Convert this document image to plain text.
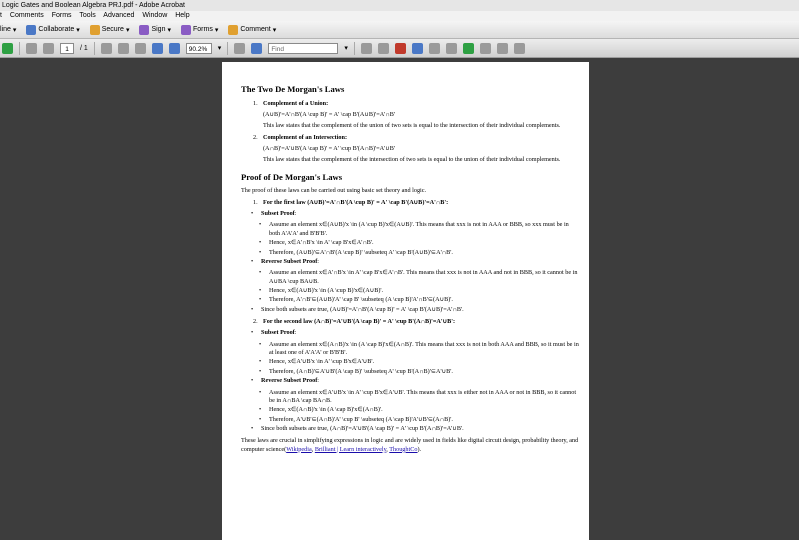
Logic Gates and Boolean Algebra PRJ.pdf - Adobe Acrobat
t Comments Forms Tools Advanced Window Help
line ▾	Collaborate ▾	Secure ▾	Sign ▾	Forms ▾	Comment ▾
1	/ 1	90.2%	▾	Find	▾
The Two De Morgan's Laws
1. Complement of a Union:
(A∪B)'=A'∩B'(A \cup B)' = A' \cap B'(A∪B)'=A'∩B'
This law states that the complement of the union of two sets is equal to the intersection of their individual complements.
2. Complement of an Intersection:
(A∩B)'=A'∪B'(A \cap B)' = A' \cup B'(A∩B)'=A'∪B'
This law states that the complement of the intersection of two sets is equal to the union of their individual complements.
Proof of De Morgan's Laws

The proof of these laws can be carried out using basic set theory and logic.

1. For the first law (A∪B)'=A'∩B'(A \cup B)' = A' \cap B'(A∪B)'=A'∩B':
• Subset Proof:
• Assume an element x∈(A∪B)'x \in (A \cup B)'x∈(A∪B)'. This means that xxx is not in AAA or BBB, so xxx must be in both A'A'A' and B'B'B'.
• Hence, x∈A'∩B'x \in A' \cap B'x∈A'∩B'.
• Therefore, (A∪B)'⊆A'∩B'(A \cup B)' \subseteq A' \cap B'(A∪B)'⊆A'∩B'.
• Reverse Subset Proof:
• Assume an element x∈A'∩B'x \in A' \cap B'x∈A'∩B'. This means that xxx is not in AAA and not in BBB, so it cannot be in A∪BA \cup BA∪B.
• Hence, x∈(A∪B)'x \in (A \cup B)'x∈(A∪B)'.
• Therefore, A'∩B'⊆(A∪B)'A' \cap B' \subseteq (A \cup B)'A'∩B'⊆(A∪B)'.
• Since both subsets are true, (A∪B)'=A'∩B'(A \cup B)' = A' \cap B'(A∪B)'=A'∩B'.
2. For the second law (A∩B)'=A'∪B'(A \cap B)' = A' \cup B'(A∩B)'=A'∪B':
• Subset Proof:
• Assume an element x∈(A∩B)'x \in (A \cap B)'x∈(A∩B)'. This means that xxx is not in both AAA and BBB, so it must be in at least one of A'A'A' or B'B'B'.
• Hence, x∈A'∪B'x \in A' \cup B'x∈A'∪B'.
• Therefore, (A∩B)'⊆A'∪B'(A \cap B)' \subseteq A' \cup B'(A∩B)'⊆A'∪B'.
• Reverse Subset Proof:
• Assume an element x∈A'∪B'x \in A' \cup B'x∈A'∪B'. This means that xxx is either not in AAA or not in BBB, so it cannot be in A∩BA \cap BA∩B.
• Hence, x∈(A∩B)'x \in (A \cap B)'x∈(A∩B)'.
• Therefore, A'∪B'⊆(A∩B)'A' \cup B' \subseteq (A \cap B)'A'∪B'⊆(A∩B)'.
• Since both subsets are true, (A∩B)'=A'∪B'(A \cap B)' = A' \cup B'(A∩B)'=A'∪B'.

These laws are crucial in simplifying expressions in logic and are widely used in fields like digital circuit design, probability theory, and computer science(Wikipedia, Brilliant | Learn interactively, ThoughtCo).
